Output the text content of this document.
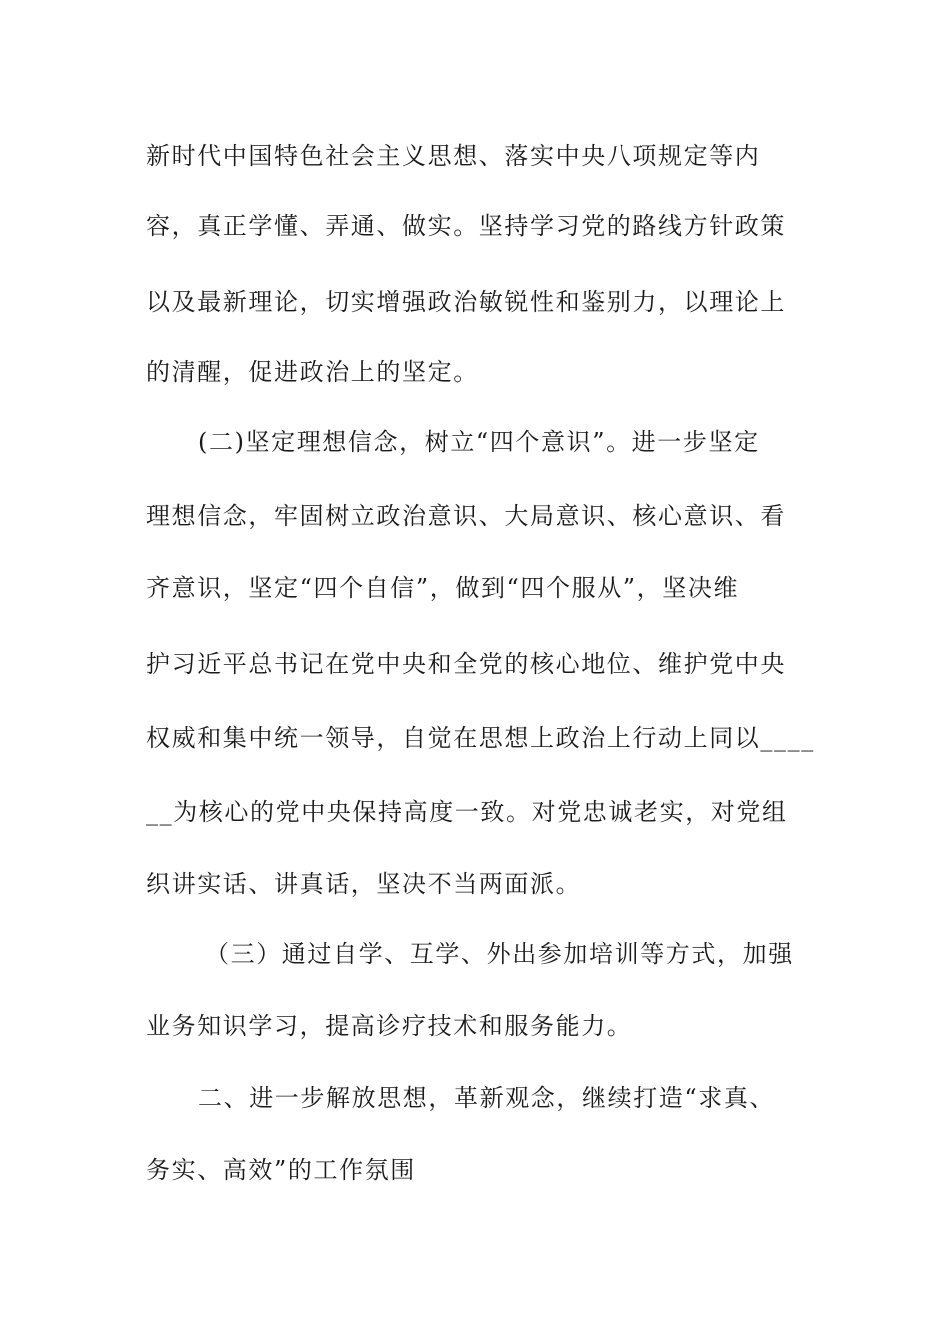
新时代中国特色社会主义思想、落实中央八项规定等内
容，真正学懂、弄通、做实。坚持学习党的路线方针政策
以及最新理论，切实增强政治敏锐性和鉴别力，以理论上
的清醒，促进政治上的坚定。
(二)坚定理想信念，树立“四个意识”。进一步坚定
理想信念，牢固树立政治意识、大局意识、核心意识、看
齐意识，坚定“四个自信”，做到“四个服从”，坚决维
护习近平总书记在党中央和全党的核心地位、维护党中央
权威和集中统一领导，自觉在思想上政治上行动上同以____
__为核心的党中央保持高度一致。对党忠诚老实，对党组
织讲实话、讲真话，坚决不当两面派。
（三）通过自学、互学、外出参加培训等方式，加强
业务知识学习，提高诊疗技术和服务能力。
二、进一步解放思想，革新观念，继续打造“求真、
务实、高效”的工作氛围
